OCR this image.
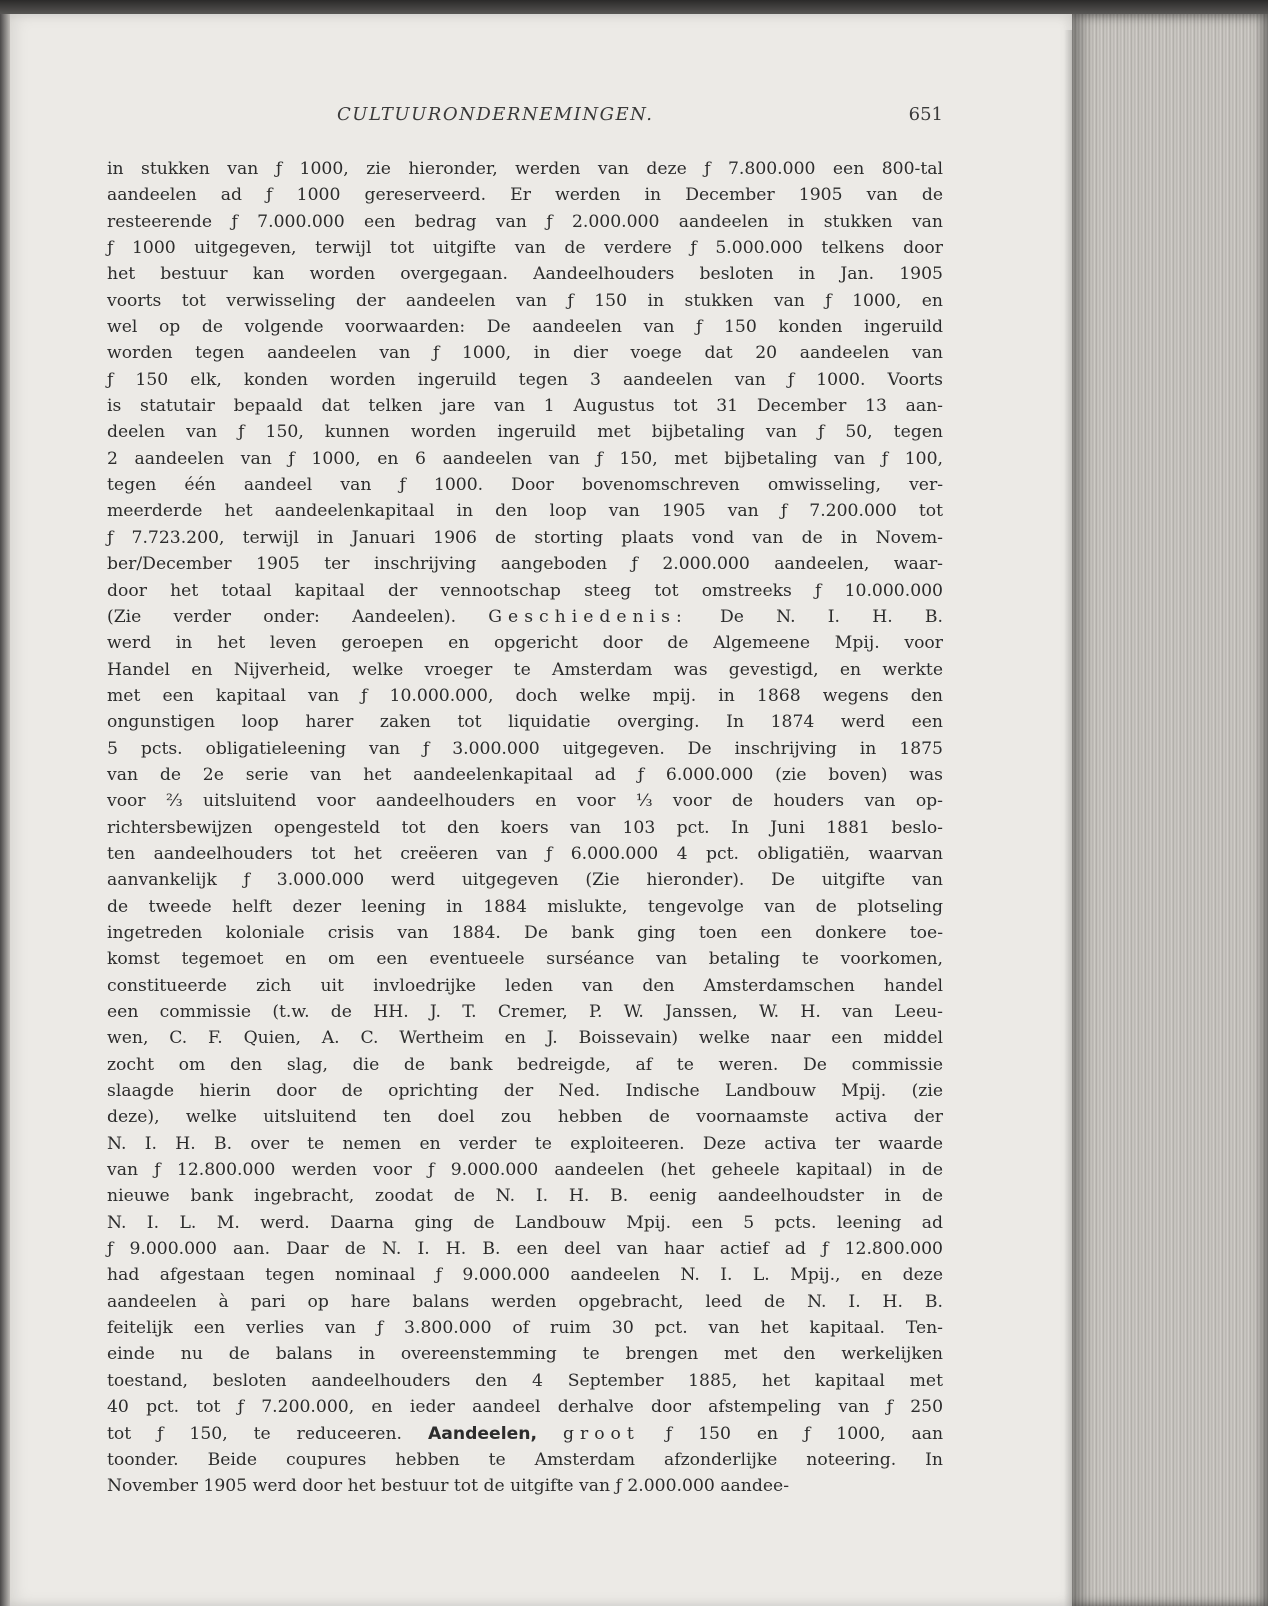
CULTUURONDERNEMINGEN.	651
in stukken van ƒ 1000, zie hieronder, werden van deze ƒ 7.800.000 een 800-tal
aandeelen ad ƒ 1000 gereserveerd. Er werden in December 1905 van de
resteerende ƒ 7.000.000 een bedrag van ƒ 2.000.000 aandeelen in stukken van
ƒ 1000 uitgegeven, terwijl tot uitgifte van de verdere ƒ 5.000.000 telkens door
het bestuur kan worden overgegaan. Aandeelhouders besloten in Jan. 1905
voorts tot verwisseling der aandeelen van ƒ 150 in stukken van ƒ 1000, en
wel op de volgende voorwaarden: De aandeelen van ƒ 150 konden ingeruild
worden tegen aandeelen van ƒ 1000, in dier voege dat 20 aandeelen van
ƒ 150 elk, konden worden ingeruild tegen 3 aandeelen van ƒ 1000. Voorts
is statutair bepaald dat telken jare van 1 Augustus tot 31 December 13 aan-
deelen van ƒ 150, kunnen worden ingeruild met bijbetaling van ƒ 50, tegen
2 aandeelen van ƒ 1000, en 6 aandeelen van ƒ 150, met bijbetaling van ƒ 100,
tegen één aandeel van ƒ 1000. Door bovenomschreven omwisseling, ver-
meerderde het aandeelenkapitaal in den loop van 1905 van ƒ 7.200.000 tot
ƒ 7.723.200, terwijl in Januari 1906 de storting plaats vond van de in Novem-
ber/December 1905 ter inschrijving aangeboden ƒ 2.000.000 aandeelen, waar-
door het totaal kapitaal der vennootschap steeg tot omstreeks ƒ 10.000.000
(Zie verder onder: Aandeelen). Geschiedenis: De N. I. H. B.
werd in het leven geroepen en opgericht door de Algemeene Mpij. voor
Handel en Nijverheid, welke vroeger te Amsterdam was gevestigd, en werkte
met een kapitaal van ƒ 10.000.000, doch welke mpij. in 1868 wegens den
ongunstigen loop harer zaken tot liquidatie overging. In 1874 werd een
5 pcts. obligatieleening van ƒ 3.000.000 uitgegeven. De inschrijving in 1875
van de 2e serie van het aandeelenkapitaal ad ƒ 6.000.000 (zie boven) was
voor ⅔ uitsluitend voor aandeelhouders en voor ⅓ voor de houders van op-
richtersbewijzen opengesteld tot den koers van 103 pct. In Juni 1881 beslo-
ten aandeelhouders tot het creëeren van ƒ 6.000.000 4 pct. obligatiën, waarvan
aanvankelijk ƒ 3.000.000 werd uitgegeven (Zie hieronder). De uitgifte van
de tweede helft dezer leening in 1884 mislukte, tengevolge van de plotseling
ingetreden koloniale crisis van 1884. De bank ging toen een donkere toe-
komst tegemoet en om een eventueele surséance van betaling te voorkomen,
constitueerde zich uit invloedrijke leden van den Amsterdamschen handel
een commissie (t.w. de HH. J. T. Cremer, P. W. Janssen, W. H. van Leeu-
wen, C. F. Quien, A. C. Wertheim en J. Boissevain) welke naar een middel
zocht om den slag, die de bank bedreigde, af te weren. De commissie
slaagde hierin door de oprichting der Ned. Indische Landbouw Mpij. (zie
deze), welke uitsluitend ten doel zou hebben de voornaamste activa der
N. I. H. B. over te nemen en verder te exploiteeren. Deze activa ter waarde
van ƒ 12.800.000 werden voor ƒ 9.000.000 aandeelen (het geheele kapitaal) in de
nieuwe bank ingebracht, zoodat de N. I. H. B. eenig aandeelhoudster in de
N. I. L. M. werd. Daarna ging de Landbouw Mpij. een 5 pcts. leening ad
ƒ 9.000.000 aan. Daar de N. I. H. B. een deel van haar actief ad ƒ 12.800.000
had afgestaan tegen nominaal ƒ 9.000.000 aandeelen N. I. L. Mpij., en deze
aandeelen à pari op hare balans werden opgebracht, leed de N. I. H. B.
feitelijk een verlies van ƒ 3.800.000 of ruim 30 pct. van het kapitaal. Ten-
einde nu de balans in overeenstemming te brengen met den werkelijken
toestand, besloten aandeelhouders den 4 September 1885, het kapitaal met
40 pct. tot ƒ 7.200.000, en ieder aandeel derhalve door afstempeling van ƒ 250
tot ƒ 150, te reduceeren. Aandeelen, groot ƒ 150 en ƒ 1000, aan
toonder. Beide coupures hebben te Amsterdam afzonderlijke noteering. In
November 1905 werd door het bestuur tot de uitgifte van ƒ 2.000.000 aandee-
